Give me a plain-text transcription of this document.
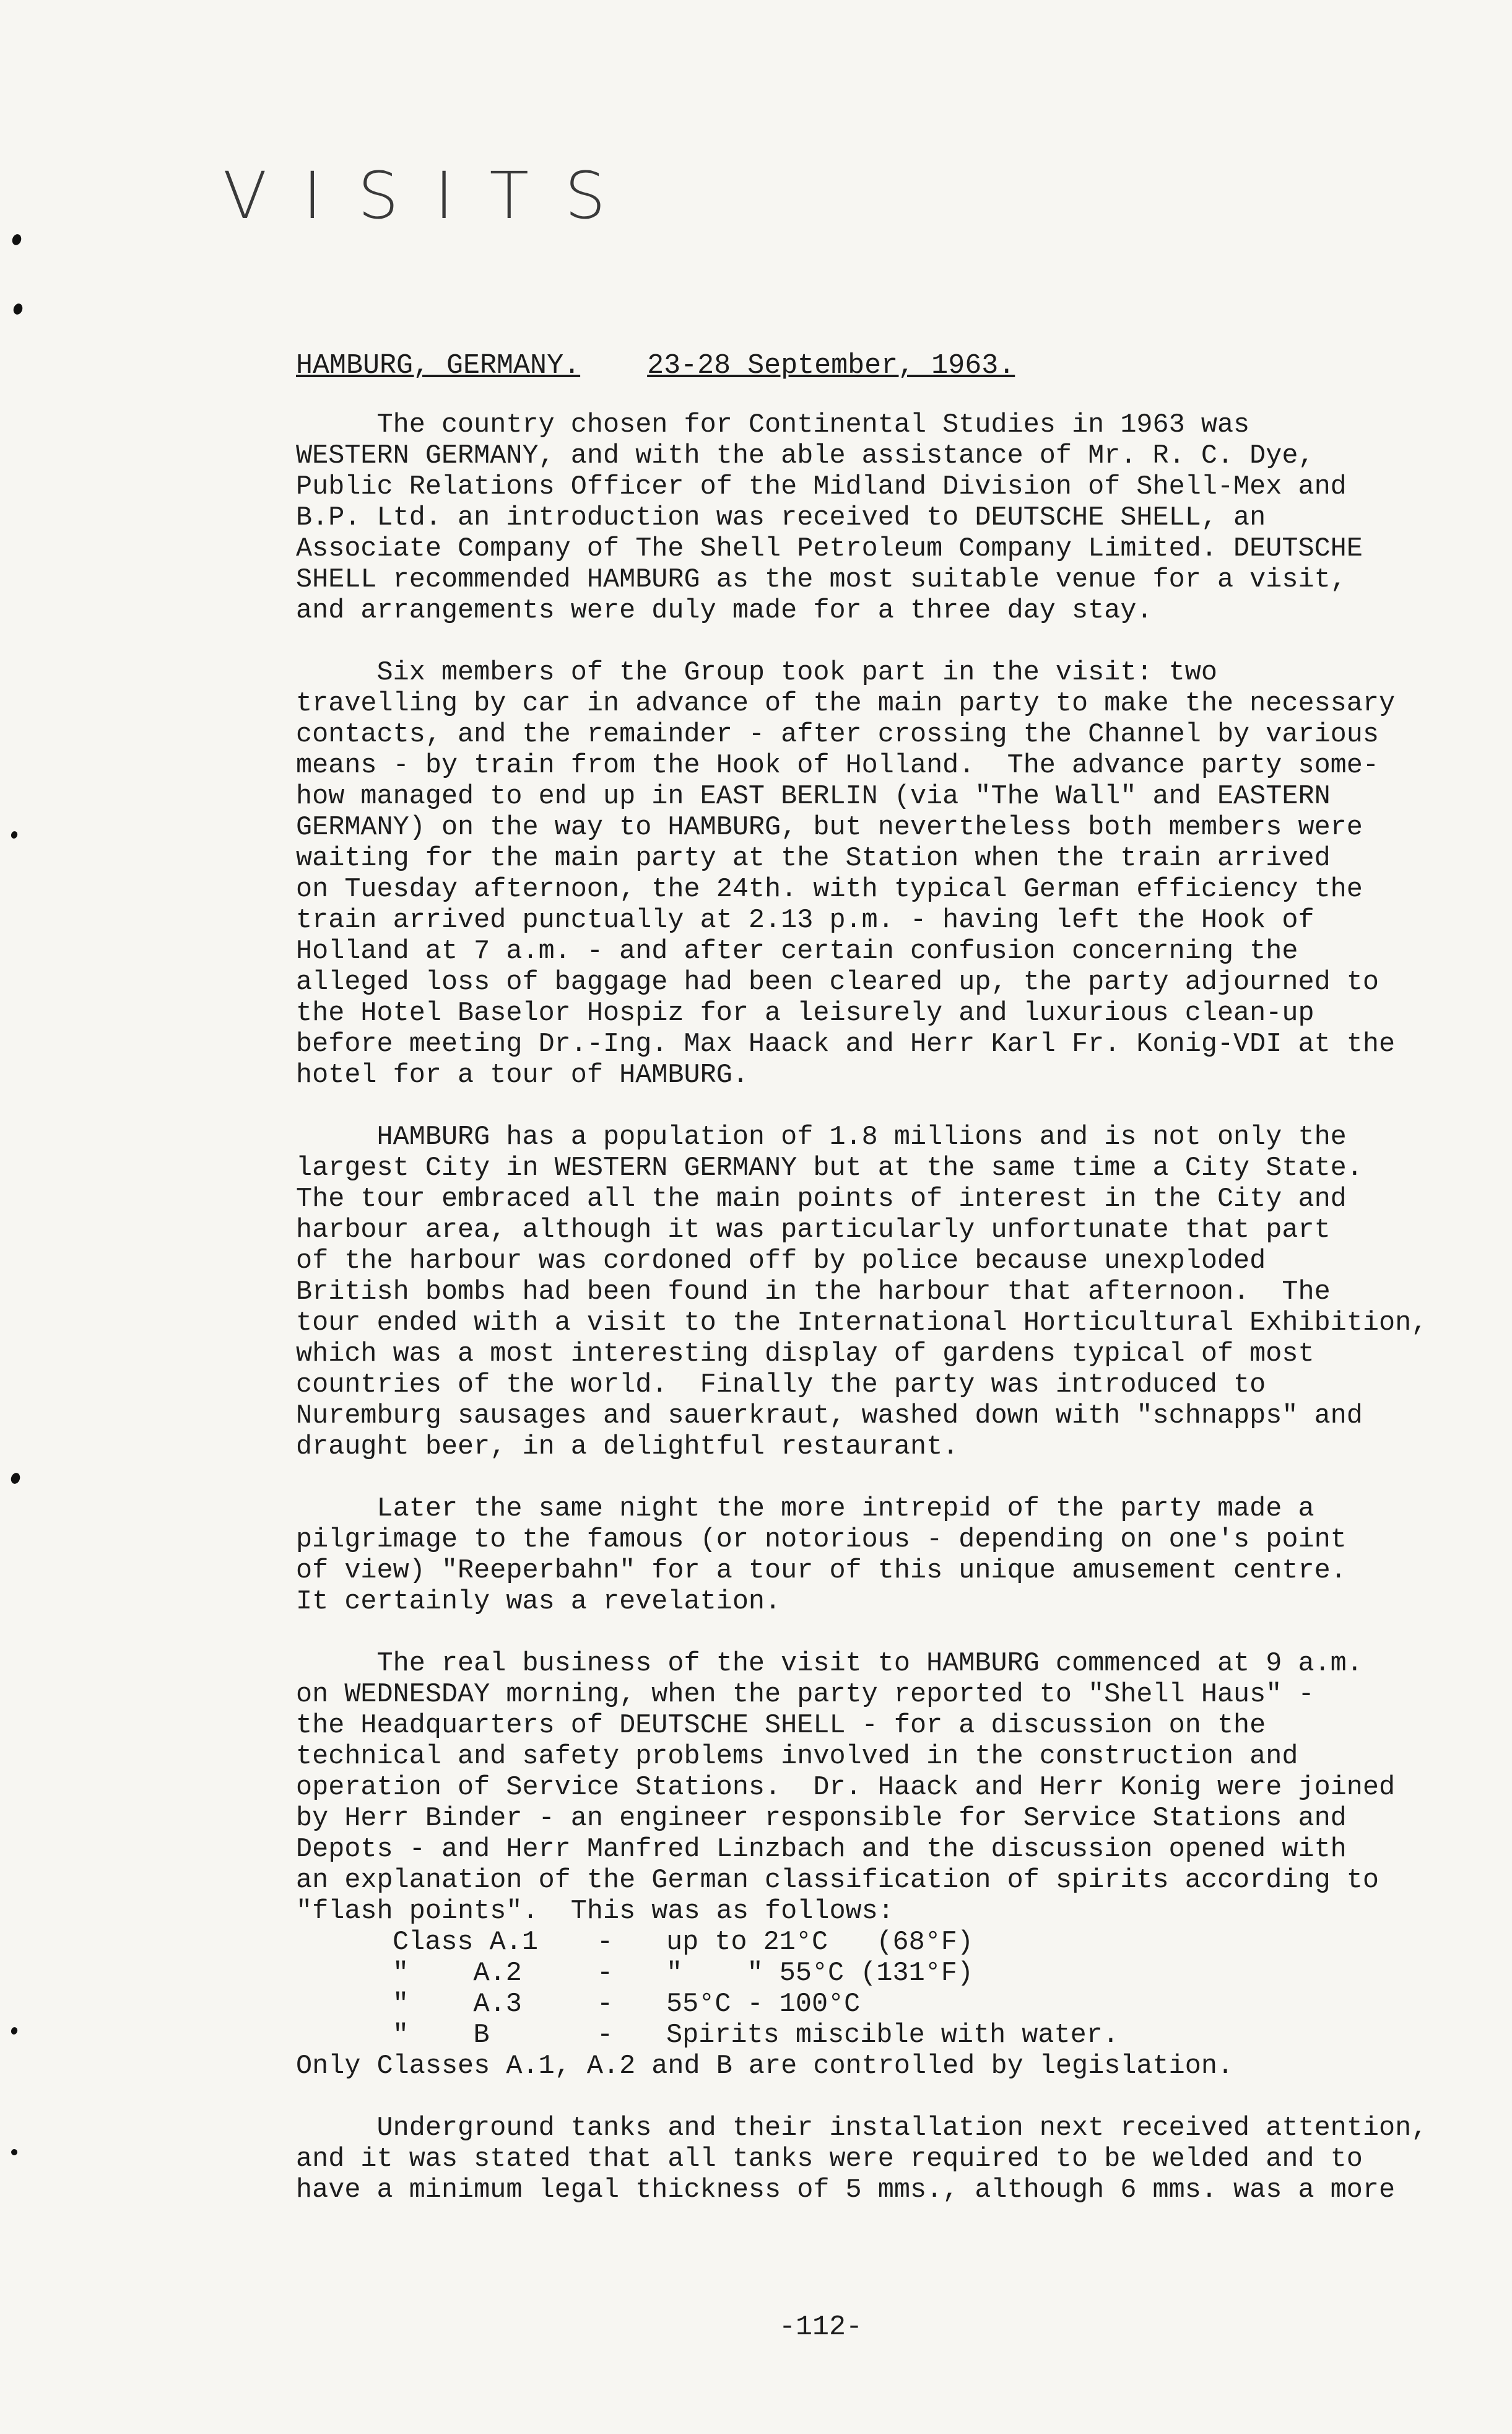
VISITS
HAMBURG, GERMANY. 23-28 September, 1963.
The country chosen for Continental Studies in 1963 was
WESTERN GERMANY, and with the able assistance of Mr. R. C. Dye,
Public Relations Officer of the Midland Division of Shell-Mex and
B.P. Ltd. an introduction was received to DEUTSCHE SHELL, an
Associate Company of The Shell Petroleum Company Limited. DEUTSCHE
SHELL recommended HAMBURG as the most suitable venue for a visit,
and arrangements were duly made for a three day stay.
Six members of the Group took part in the visit: two
travelling by car in advance of the main party to make the necessary
contacts, and the remainder - after crossing the Channel by various
means - by train from the Hook of Holland.  The advance party some-
how managed to end up in EAST BERLIN (via "The Wall" and EASTERN
GERMANY) on the way to HAMBURG, but nevertheless both members were
waiting for the main party at the Station when the train arrived
on Tuesday afternoon, the 24th. with typical German efficiency the
train arrived punctually at 2.13 p.m. - having left the Hook of
Holland at 7 a.m. - and after certain confusion concerning the
alleged loss of baggage had been cleared up, the party adjourned to
the Hotel Baselor Hospiz for a leisurely and luxurious clean-up
before meeting Dr.-Ing. Max Haack and Herr Karl Fr. Konig-VDI at the
hotel for a tour of HAMBURG.
HAMBURG has a population of 1.8 millions and is not only the
largest City in WESTERN GERMANY but at the same time a City State.
The tour embraced all the main points of interest in the City and
harbour area, although it was particularly unfortunate that part
of the harbour was cordoned off by police because unexploded
British bombs had been found in the harbour that afternoon.  The
tour ended with a visit to the International Horticultural Exhibition,
which was a most interesting display of gardens typical of most
countries of the world.  Finally the party was introduced to
Nuremburg sausages and sauerkraut, washed down with "schnapps" and
draught beer, in a delightful restaurant.
Later the same night the more intrepid of the party made a
pilgrimage to the famous (or notorious - depending on one's point
of view) "Reeperbahn" for a tour of this unique amusement centre.
It certainly was a revelation.
The real business of the visit to HAMBURG commenced at 9 a.m.
on WEDNESDAY morning, when the party reported to "Shell Haus" -
the Headquarters of DEUTSCHE SHELL - for a discussion on the
technical and safety problems involved in the construction and
operation of Service Stations.  Dr. Haack and Herr Konig were joined
by Herr Binder - an engineer responsible for Service Stations and
Depots - and Herr Manfred Linzbach and the discussion opened with
an explanation of the German classification of spirits according to
"flash points".  This was as follows:
Class A.1	-	up to 21°C   (68°F)
"    A.2	-	"    " 55°C (131°F)
"    A.3	-	55°C - 100°C
"    B	-	Spirits miscible with water.
Only Classes A.1, A.2 and B are controlled by legislation.
Underground tanks and their installation next received attention,
and it was stated that all tanks were required to be welded and to
have a minimum legal thickness of 5 mms., although 6 mms. was a more
-112-
